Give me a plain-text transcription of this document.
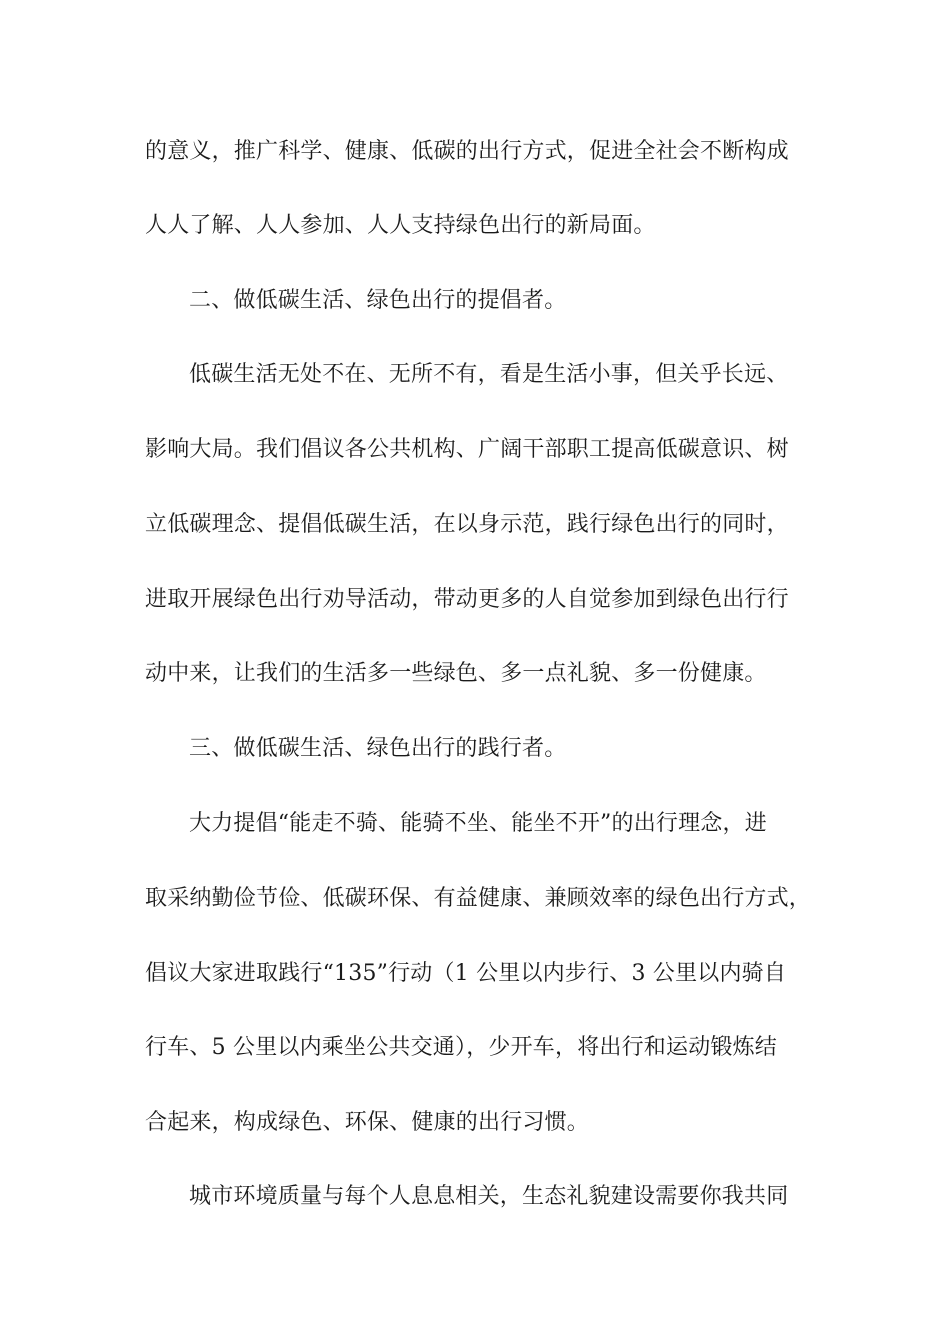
的意义，推广科学、健康、低碳的出行方式，促进全社会不断构成
人人了解、人人参加、人人支持绿色出行的新局面。
二、做低碳生活、绿色出行的提倡者。
低碳生活无处不在、无所不有，看是生活小事，但关乎长远、
影响大局。我们倡议各公共机构、广阔干部职工提高低碳意识、树
立低碳理念、提倡低碳生活，在以身示范，践行绿色出行的同时，
进取开展绿色出行劝导活动，带动更多的人自觉参加到绿色出行行
动中来，让我们的生活多一些绿色、多一点礼貌、多一份健康。
三、做低碳生活、绿色出行的践行者。
大力提倡“能走不骑、能骑不坐、能坐不开”的出行理念，进
取采纳勤俭节俭、低碳环保、有益健康、兼顾效率的绿色出行方式，
倡议大家进取践行“135”行动（1 公里以内步行、3 公里以内骑自
行车、5 公里以内乘坐公共交通），少开车，将出行和运动锻炼结
合起来，构成绿色、环保、健康的出行习惯。
城市环境质量与每个人息息相关，生态礼貌建设需要你我共同
